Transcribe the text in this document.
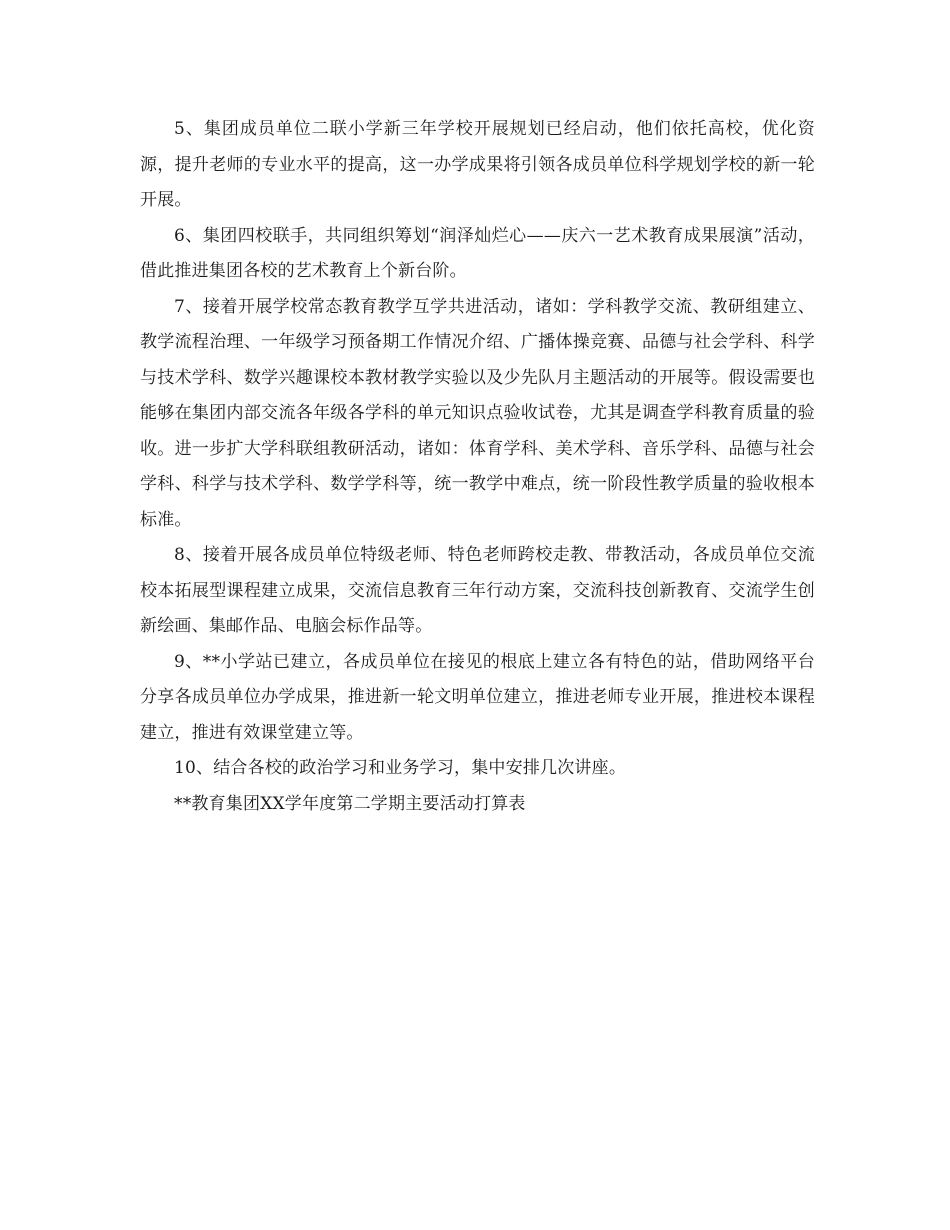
5、集团成员单位二联小学新三年学校开展规划已经启动，他们依托高校，优化资源，提升老师的专业水平的提高，这一办学成果将引领各成员单位科学规划学校的新一轮开展。

6、集团四校联手，共同组织筹划“润泽灿烂心——庆六一艺术教育成果展演”活动，借此推进集团各校的艺术教育上个新台阶。

7、接着开展学校常态教育教学互学共进活动，诸如：学科教学交流、教研组建立、教学流程治理、一年级学习预备期工作情况介绍、广播体操竞赛、品德与社会学科、科学与技术学科、数学兴趣课校本教材教学实验以及少先队月主题活动的开展等。假设需要也能够在集团内部交流各年级各学科的单元知识点验收试卷，尤其是调查学科教育质量的验收。进一步扩大学科联组教研活动，诸如：体育学科、美术学科、音乐学科、品德与社会学科、科学与技术学科、数学学科等，统一教学中难点，统一阶段性教学质量的验收根本标准。

8、接着开展各成员单位特级老师、特色老师跨校走教、带教活动，各成员单位交流校本拓展型课程建立成果，交流信息教育三年行动方案，交流科技创新教育、交流学生创新绘画、集邮作品、电脑会标作品等。

9、**小学站已建立，各成员单位在接见的根底上建立各有特色的站，借助网络平台分享各成员单位办学成果，推进新一轮文明单位建立，推进老师专业开展，推进校本课程建立，推进有效课堂建立等。

10、结合各校的政治学习和业务学习，集中安排几次讲座。

**教育集团XX学年度第二学期主要活动打算表
